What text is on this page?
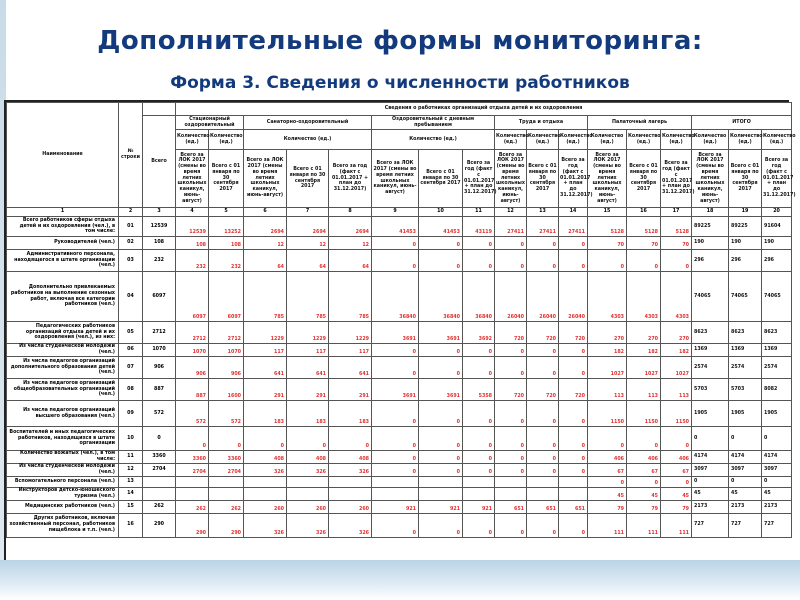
Дополнительные формы мониторинга:
Форма 3. Сведения о численности работников
Наименование	№ строки		Сведения о работниках организаций отдыха детей и их оздоровления																
		Всего	Стационарный оздоровительный		Санаторно-оздоровительный			Оздоровительный с дневным пребыванием			Труда и отдыха			Палаточный лагерь			ИТОГО		
			Количество (ед.)	Количество (ед.)	Количество (ед.)			Количество (ед.)			Количество (ед.)	Количество (ед.)	Количество (ед.)	Количество (ед.)	Количество (ед.)	Количество (ед.)	Количество (ед.)	Количество (ед.)	Количество (ед.)
			Всего за ЛОК 2017 (смены во время летних школьных каникул, июнь-август)	Всего с 01 января по 30 сентября 2017	Всего за ЛОК 2017 (смены во время летних школьных каникул, июнь-август)	Всего с 01 января по 30 сентября 2017	Всего за год (факт с 01.01.2017 + план до 31.12.2017)	Всего за ЛОК 2017 (смены во время летних школьных каникул, июнь-август)	Всего с 01 января по 30 сентября 2017	Всего за год (факт с 01.01.2017 + план до 31.12.2017)	Всего за ЛОК 2017 (смены во время летних школьных каникул, июнь-август)	Всего с 01 января по 30 сентября 2017	Всего за год (факт с 01.01.2017 + план до 31.12.2017)	Всего за ЛОК 2017 (смены во время летних школьных каникул, июнь-август)	Всего с 01 января по 30 сентября 2017	Всего за год (факт с 01.01.2017 + план до 31.12.2017)	Всего за ЛОК 2017 (смены во время летних школьных каникул, июнь-август)	Всего с 01 января по 30 сентября 2017	Всего за год (факт с 01.01.2017 + план до 31.12.2017)
1	2	3	4	5	6	7	8	9	10	11	12	13	14	15	16	17	18	19	20
Всего работников сферы отдыха детей и их оздоровления (чел.), в том числе:	01	12539	12539	13252	2694	2694	2694	41453	41453	43119	27411	27411	27411	5128	5128	5128	89225	89225	91604
Руководителей (чел.)	02	108	108	108	12	12	12	0	0	0	0	0	0	70	70	70	190	190	190
Административного персонала, находящегося в штате организации (чел.)	03	232	232	232	64	64	64	0	0	0	0	0	0	0	0	0	296	296	296
Дополнительно привлекаемых работников на выполнение сезонных работ, включая все категории работников (чел.)	04	6097	6097	6097	785	785	785	36840	36840	36840	26040	26040	26040	4303	4303	4303	74065	74065	74065
Педагогических работников организаций отдыха детей и их оздоровления (чел.), из них:	05	2712	2712	2712	1229	1229	1229	3691	3691	3692	720	720	720	270	270	270	8623	8623	8623
Из числа студенческой молодежи (чел.)	06	1070	1070	1070	117	117	117	0	0	0	0	0	0	182	182	182	1369	1369	1369
Из числа педагогов организаций дополнительного образования детей (чел.)	07	906	906	906	641	641	641	0	0	0	0	0	0	1027	1027	1027	2574	2574	2574
Из числа педагогов организаций общеобразовательных организаций (чел.)	08	887	887	1600	291	291	291	3691	3691	5358	720	720	720	113	113	113	5703	5703	8082
Из числа педагогов организаций высшего образования (чел.)	09	572	572	572	183	183	183	0	0	0	0	0	0	1150	1150	1150	1905	1905	1905
Воспитателей и иных педагогических работников, находящихся в штате организации	10	0	0	0	0	0	0	0	0	0	0	0	0	0	0	0	0	0	0
Количество вожатых (чел.), в том числе:	11	3360	3360	3360	408	408	408	0	0	0	0	0	0	406	406	406	4174	4174	4174
Из числа студенческой молодежи (чел.)	12	2704	2704	2704	326	326	326	0	0	0	0	0	0	67	67	67	3097	3097	3097
Вспомогательного персонала (чел.)	13													0	0	0	0	0	0
Инструкторов детско-юношеского туризма (чел.)	14													45	45	45	45	45	45
Медицинских работников (чел.)	15	262	262	262	260	260	260	921	921	921	651	651	651	79	79	79	2173	2173	2173
Других работников, включая хозяйственный персонал, работников пищеблока и т.п. (чел.)	16	290	290	290	326	326	326	0	0	0	0	0	0	111	111	111	727	727	727
